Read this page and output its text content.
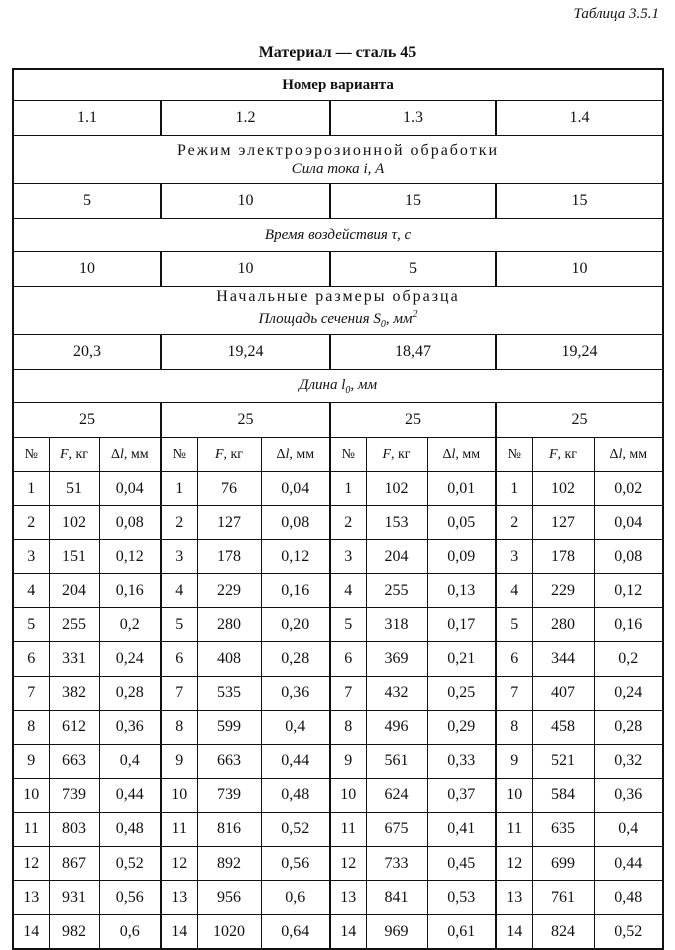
Таблица 3.5.1
Материал — сталь 45
Номер варианта											
1.1			1.2			1.3			1.4		

Режим электроэрозионной обработки
Сила тока i, А											

5			10			15			15		
Время воздействия τ, с											
10			10			5			10		

Начальные размеры образца
Площадь сечения $S_0$, $мм^2$

20,3			19,24			18,47			19,24		
Длина $l_0$, мм											
25			25			25			25		
№	F, кг	Δl, мм	№	F, кг	Δl, мм	№	F, кг	Δl, мм	№	F, кг	Δl, мм
1	51	0,04	1	76	0,04	1	102	0,01	1	102	0,02
2	102	0,08	2	127	0,08	2	153	0,05	2	127	0,04
3	151	0,12	3	178	0,12	3	204	0,09	3	178	0,08
4	204	0,16	4	229	0,16	4	255	0,13	4	229	0,12
5	255	0,2	5	280	0,20	5	318	0,17	5	280	0,16
6	331	0,24	6	408	0,28	6	369	0,21	6	344	0,2
7	382	0,28	7	535	0,36	7	432	0,25	7	407	0,24
8	612	0,36	8	599	0,4	8	496	0,29	8	458	0,28
9	663	0,4	9	663	0,44	9	561	0,33	9	521	0,32
10	739	0,44	10	739	0,48	10	624	0,37	10	584	0,36
11	803	0,48	11	816	0,52	11	675	0,41	11	635	0,4
12	867	0,52	12	892	0,56	12	733	0,45	12	699	0,44
13	931	0,56	13	956	0,6	13	841	0,53	13	761	0,48
14	982	0,6	14	1020	0,64	14	969	0,61	14	824	0,52
